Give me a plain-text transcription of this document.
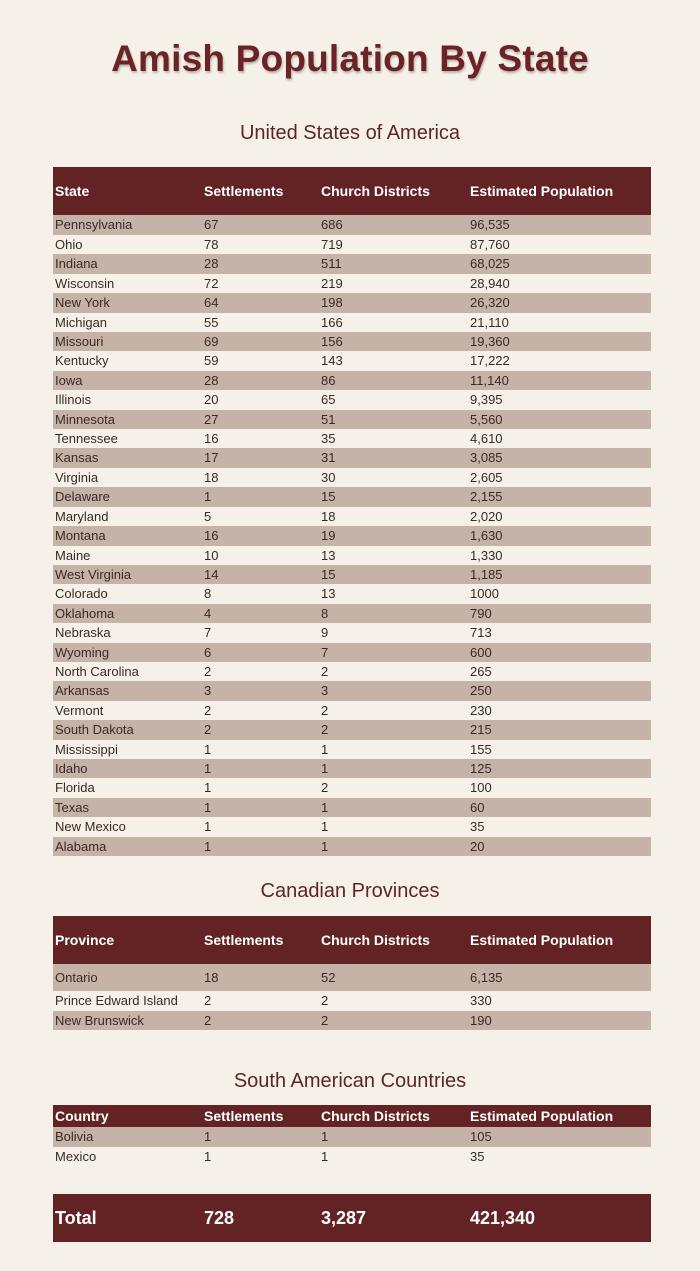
Amish Population By State
United States of America
State	Settlements	Church Districts	Estimated Population
Pennsylvania	67	686	96,535
Ohio	78	719	87,760
Indiana	28	511	68,025
Wisconsin	72	219	28,940
New York	64	198	26,320
Michigan	55	166	21,110
Missouri	69	156	19,360
Kentucky	59	143	17,222
Iowa	28	86	11,140
Illinois	20	65	9,395
Minnesota	27	51	5,560
Tennessee	16	35	4,610
Kansas	17	31	3,085
Virginia	18	30	2,605
Delaware	1	15	2,155
Maryland	5	18	2,020
Montana	16	19	1,630
Maine	10	13	1,330
West Virginia	14	15	1,185
Colorado	8	13	1000
Oklahoma	4	8	790
Nebraska	7	9	713
Wyoming	6	7	600
North Carolina	2	2	265
Arkansas	3	3	250
Vermont	2	2	230
South Dakota	2	2	215
Mississippi	1	1	155
Idaho	1	1	125
Florida	1	2	100
Texas	1	1	60
New Mexico	1	1	35
Alabama	1	1	20
Canadian Provinces
Province	Settlements	Church Districts	Estimated Population
Ontario	18	52	6,135
Prince Edward Island	2	2	330
New Brunswick	2	2	190
South American Countries
Country	Settlements	Church Districts	Estimated Population
Bolivia	1	1	105
Mexico	1	1	35
Total	728	3,287	421,340
